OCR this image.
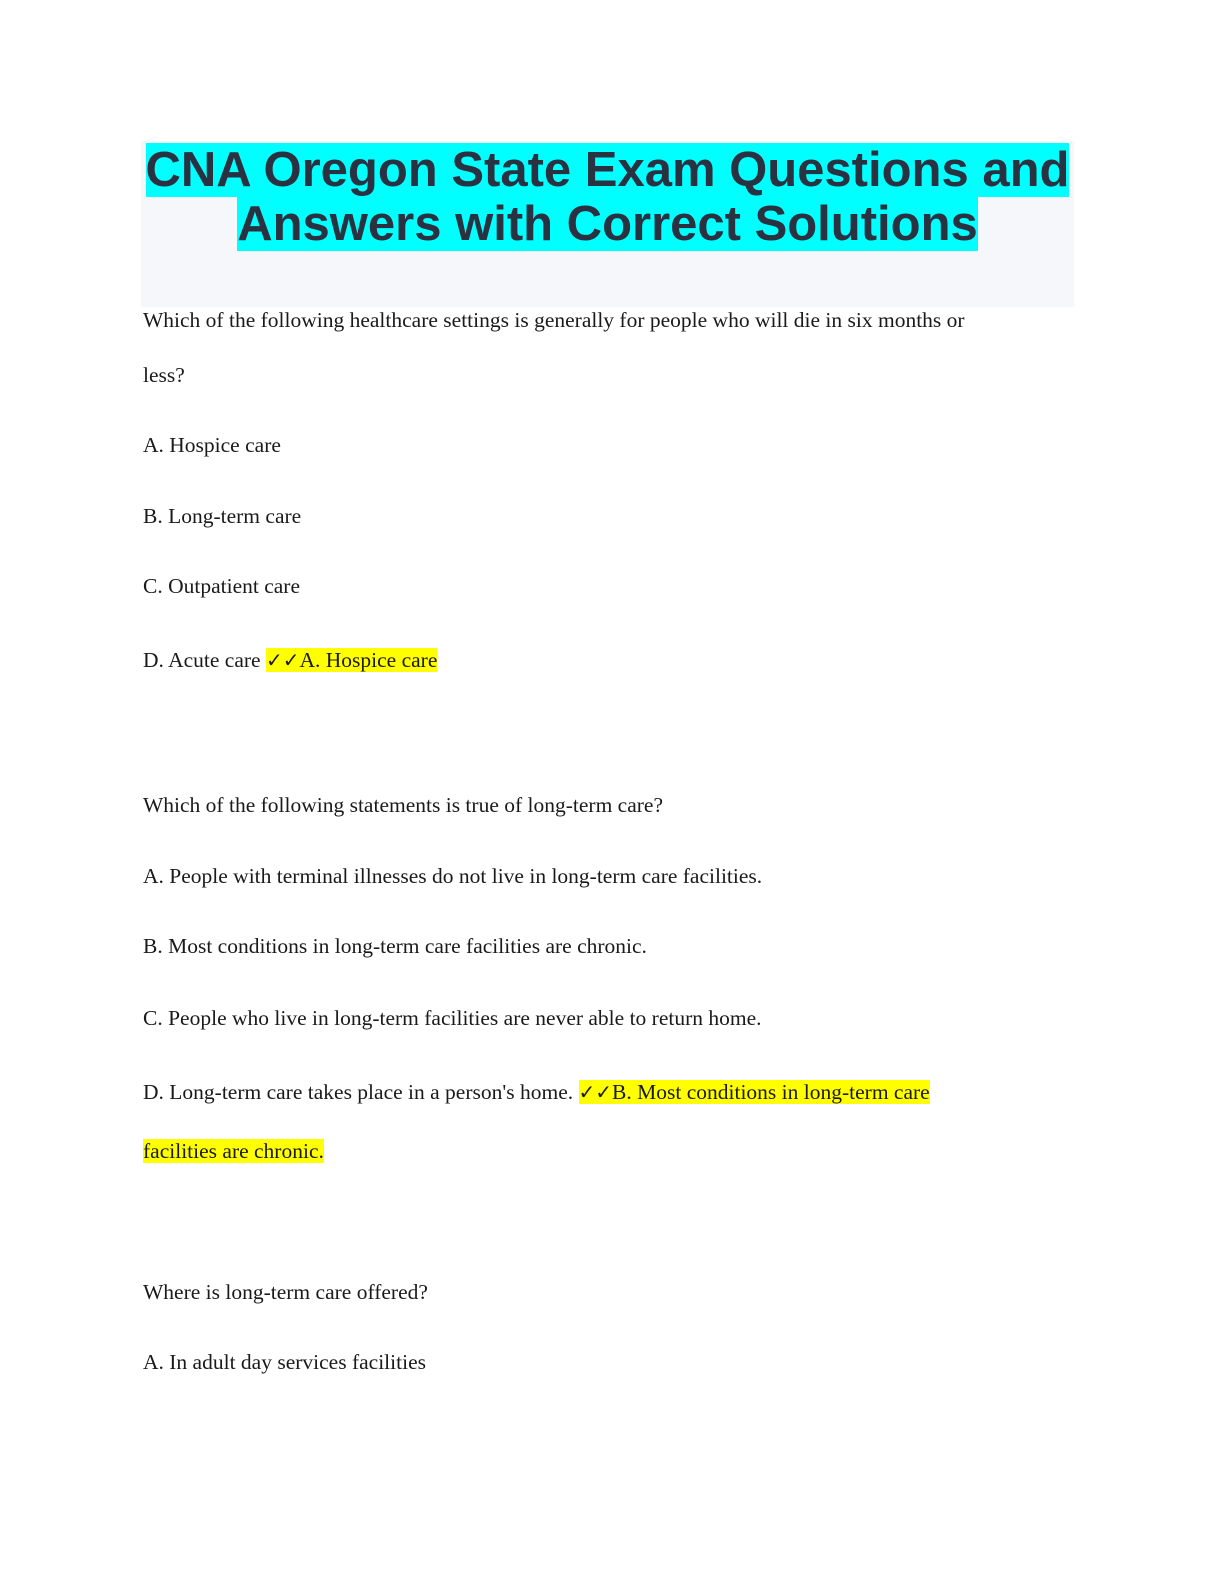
CNA Oregon State Exam Questions and Answers with Correct Solutions
Which of the following healthcare settings is generally for people who will die in six months or
less?
A. Hospice care
B. Long-term care
C. Outpatient care
D. Acute care ✓✓A. Hospice care
Which of the following statements is true of long-term care?
A. People with terminal illnesses do not live in long-term care facilities.
B. Most conditions in long-term care facilities are chronic.
C. People who live in long-term facilities are never able to return home.
D. Long-term care takes place in a person's home. ✓✓B. Most conditions in long-term care
facilities are chronic.
Where is long-term care offered?
A. In adult day services facilities
